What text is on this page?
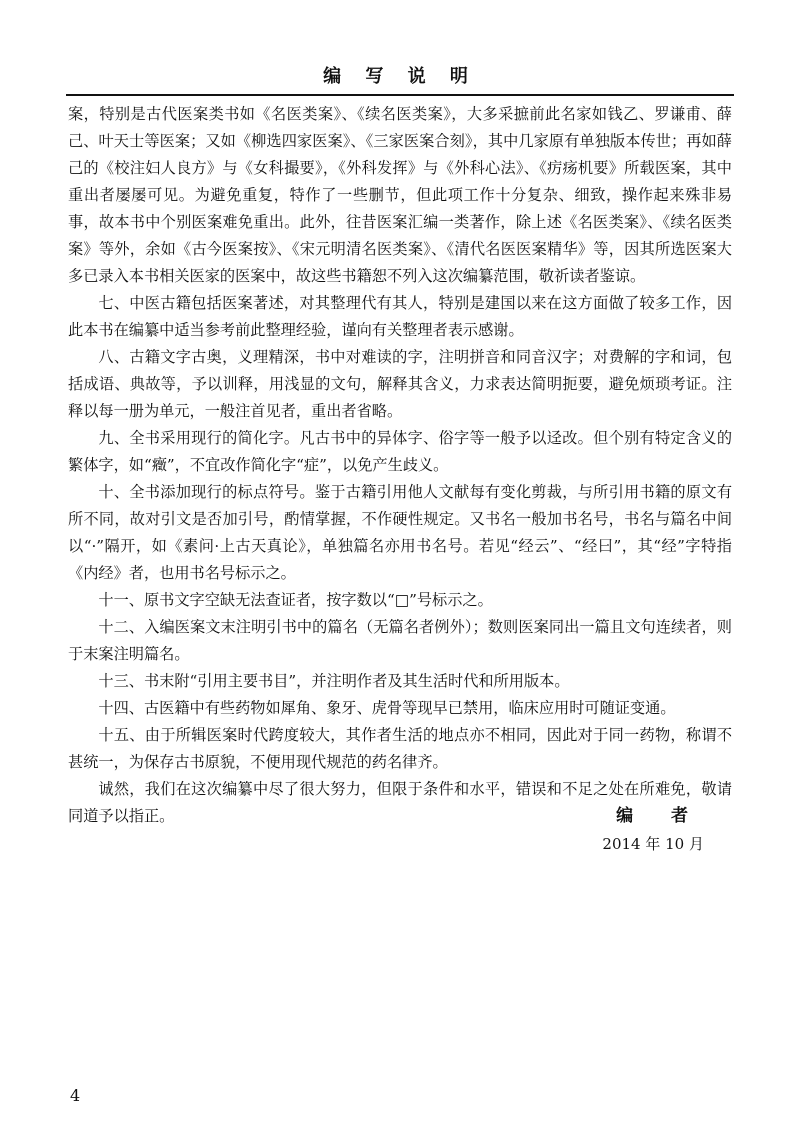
编 写 说 明

案，特别是古代医案类书如《名医类案》、《续名医类案》，大多采摭前此名家如钱乙、罗谦甫、薛己、叶天士等医案；又如《柳选四家医案》、《三家医案合刻》，其中几家原有单独版本传世；再如薛己的《校注妇人良方》与《女科撮要》，《外科发挥》与《外科心法》、《疠疡机要》所载医案，其中重出者屡屡可见。为避免重复，特作了一些删节，但此项工作十分复杂、细致，操作起来殊非易事，故本书中个别医案难免重出。此外，往昔医案汇编一类著作，除上述《名医类案》、《续名医类案》等外，余如《古今医案按》、《宋元明清名医类案》、《清代名医医案精华》等，因其所选医案大多已录入本书相关医家的医案中，故这些书籍恕不列入这次编纂范围，敬祈读者鉴谅。

七、中医古籍包括医案著述，对其整理代有其人，特别是建国以来在这方面做了较多工作，因此本书在编纂中适当参考前此整理经验，谨向有关整理者表示感谢。

八、古籍文字古奥，义理精深，书中对难读的字，注明拼音和同音汉字；对费解的字和词，包括成语、典故等，予以训释，用浅显的文句，解释其含义，力求表达简明扼要，避免烦琐考证。注释以每一册为单元，一般注首见者，重出者省略。

九、全书采用现行的简化字。凡古书中的异体字、俗字等一般予以迳改。但个别有特定含义的繁体字，如“癥”，不宜改作简化字“症”，以免产生歧义。

十、全书添加现行的标点符号。鉴于古籍引用他人文献每有变化剪裁，与所引用书籍的原文有所不同，故对引文是否加引号，酌情掌握，不作硬性规定。又书名一般加书名号，书名与篇名中间以“·”隔开，如《素问·上古天真论》，单独篇名亦用书名号。若见“经云”、“经曰”，其“经”字特指《内经》者，也用书名号标示之。

十一、原书文字空缺无法查证者，按字数以“□”号标示之。

十二、入编医案文末注明引书中的篇名（无篇名者例外）；数则医案同出一篇且文句连续者，则于末案注明篇名。

十三、书末附“引用主要书目”，并注明作者及其生活时代和所用版本。

十四、古医籍中有些药物如犀角、象牙、虎骨等现早已禁用，临床应用时可随证变通。

十五、由于所辑医案时代跨度较大，其作者生活的地点亦不相同，因此对于同一药物，称谓不甚统一，为保存古书原貌，不便用现代规范的药名律齐。

诚然，我们在这次编纂中尽了很大努力，但限于条件和水平，错误和不足之处在所难免，敬请同道予以指正。	编 者
2014 年 10 月
4
